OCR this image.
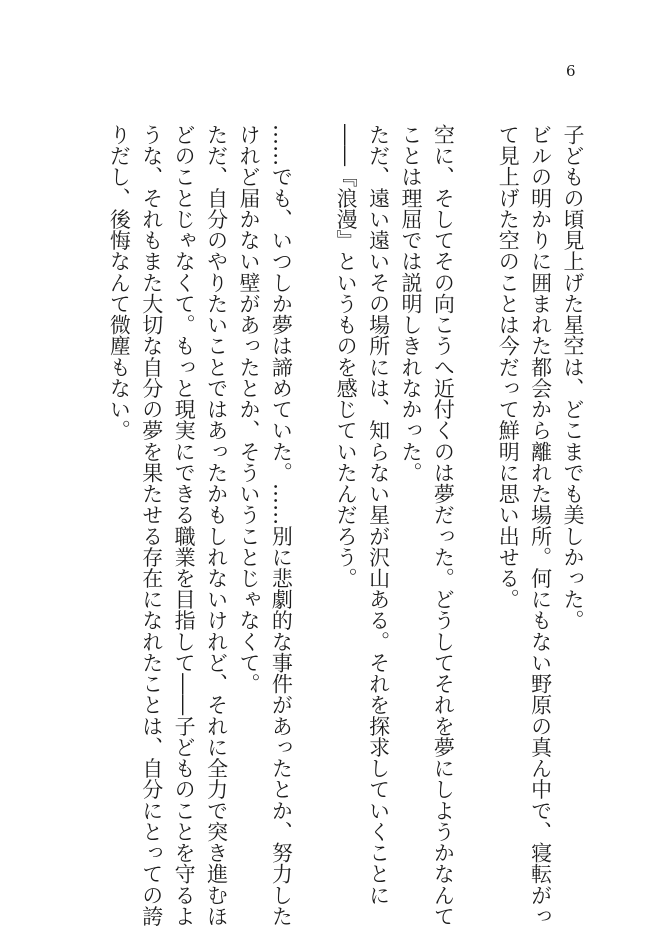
6

子どもの頃見上げた星空は、どこまでも美しかった。

ビルの明かりに囲まれた都会から離れた場所。何にもない野原の真ん中で、寝転がっ
て見上げた空のことは今だって鮮明に思い出せる。

空に、そしてその向こうへ近付くのは夢だった。どうしてそれを夢にしようかなんて
ことは理屈では説明しきれなかった。

ただ、遠い遠いその場所には、知らない星が沢山ある。それを探求していくことに

――『浪漫』というものを感じていたんだろう。

……でも、いつしか夢は諦めていた。……別に悲劇的な事件があったとか、努力した
けれど届かない壁があったとか、そういうことじゃなくて。

ただ、自分のやりたいことではあったかもしれないけれど、それに全力で突き進むほ
どのことじゃなくて。もっと現実にできる職業を目指して――子どものことを守るよ
うな、それもまた大切な自分の夢を果たせる存在になれたことは、自分にとっての誇
りだし、後悔なんて微塵もない。
